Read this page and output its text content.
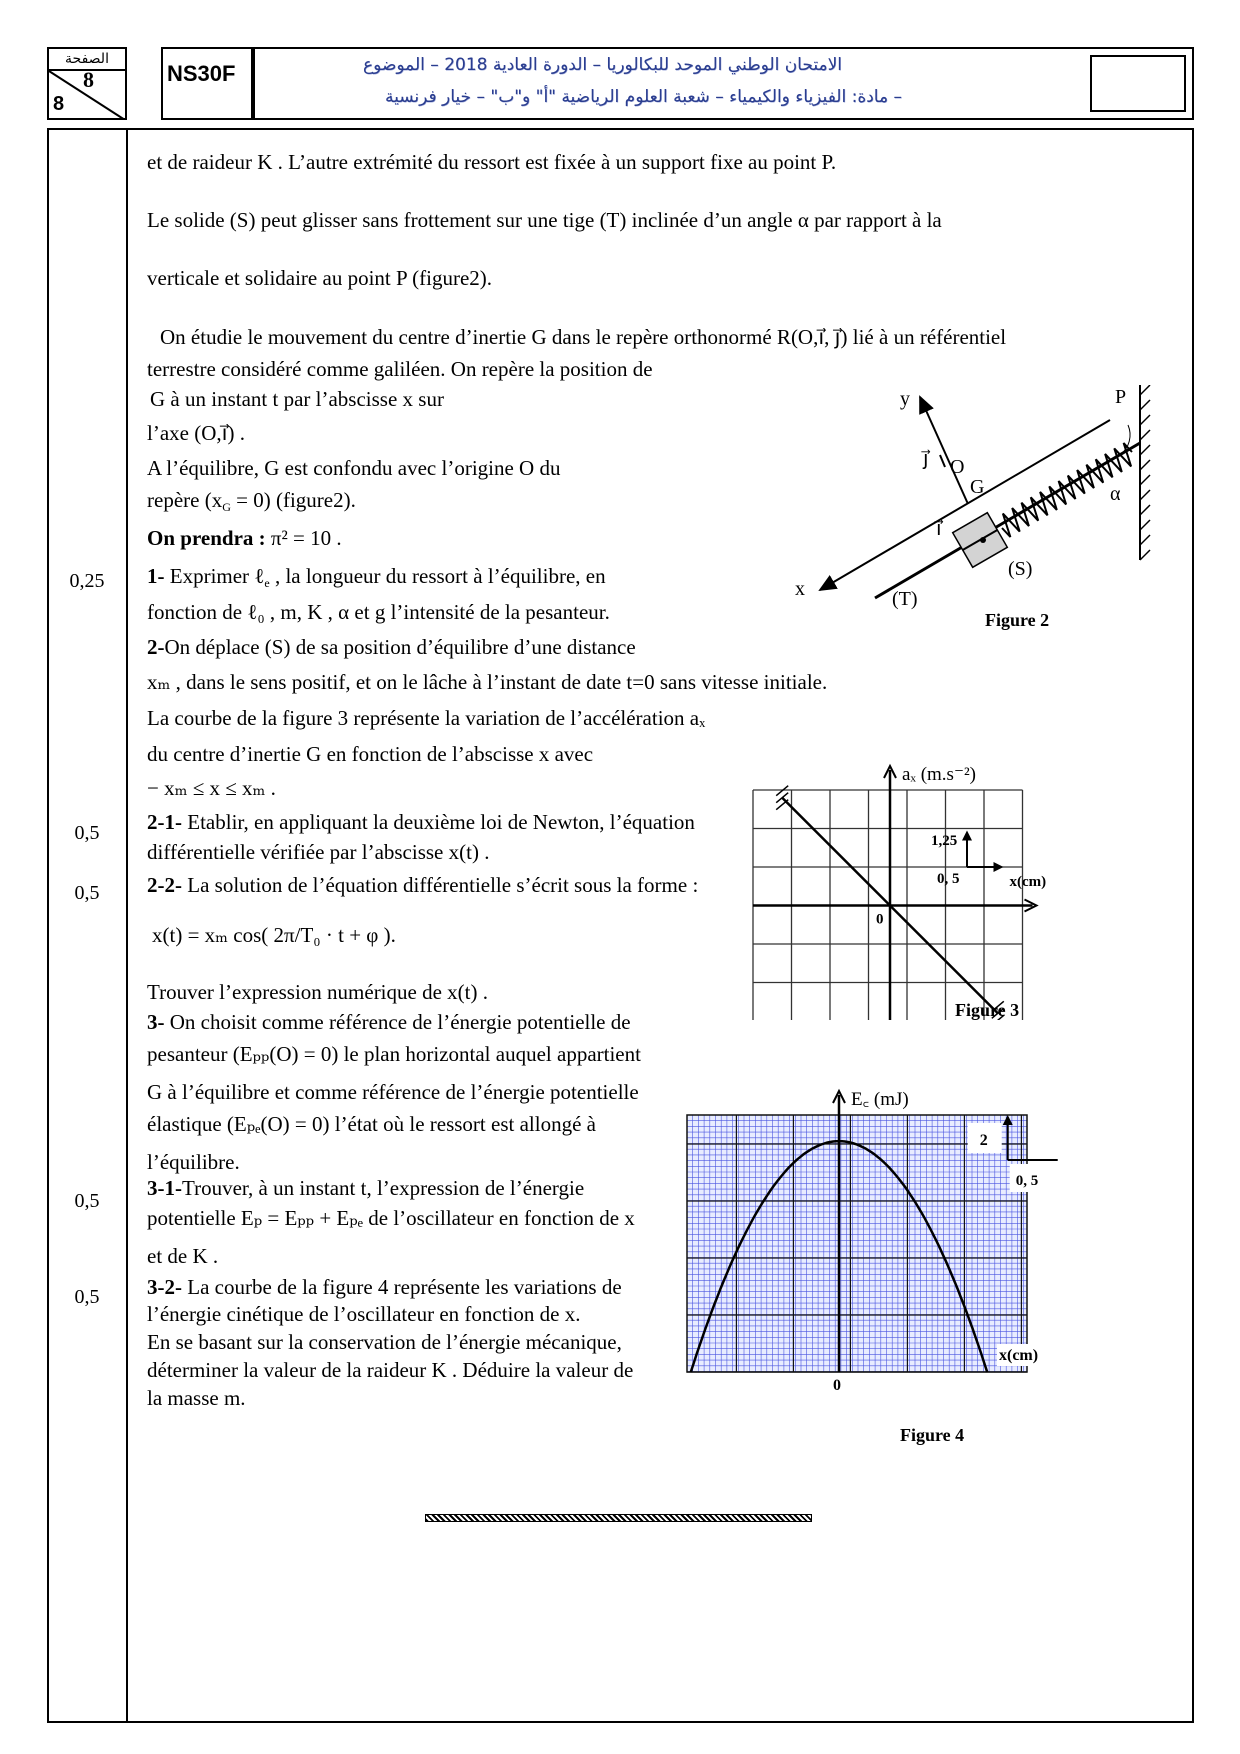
الصفحة
8
8
NS30F	الامتحان الوطني الموحد للبكالوريا – الدورة العادية 2018 – الموضوع
– مادة: الفيزياء والكيمياء – شعبة العلوم الرياضية "أ" و"ب" – خيار فرنسية
0,25
0,5
0,5
0,5
0,5
et de raideur K . L’autre extrémité du ressort est fixée à un support fixe au point P.
Le solide (S) peut glisser sans frottement sur une tige (T) inclinée d’un angle α par rapport à la
verticale et solidaire au point P (figure2).
On étudie le mouvement du centre d’inertie G dans le repère orthonormé R(O,i⃗, j⃗) lié à un référentiel
terrestre considéré comme galiléen. On repère la position de
G à un instant t par l’abscisse x sur
l’axe (O,i⃗) .
A l’équilibre, G est confondu avec l’origine O du
repère $(x_G = 0)$ (figure2).
On prendra : π² = 10 .
1- Exprimer ℓ$_e$ , la longueur du ressort à l’équilibre, en
fonction de ℓ₀ , m, K , α et g l’intensité de la pesanteur.
2-On déplace (S) de sa position d’équilibre d’une distance
xₘ , dans le sens positif, et on le lâche à l’instant de date t=0 sans vitesse initiale.
La courbe de la figure 3 représente la variation de l’accélération aₓ
du centre d’inertie G en fonction de l’abscisse x avec
− xₘ ≤ x ≤ xₘ .
2-1- Etablir, en appliquant la deuxième loi de Newton, l’équation
différentielle vérifiée par l’abscisse x(t) .
2-2- La solution de l’équation différentielle s’écrit sous la forme :
x(t) = xₘ cos( 2π/T₀ · t + φ ).
Trouver l’expression numérique de x(t) .
3- On choisit comme référence de l’énergie potentielle de
pesanteur (Eₚₚ(O) = 0) le plan horizontal auquel appartient
G à l’équilibre et comme référence de l’énergie potentielle
élastique (Eₚₑ(O) = 0) l’état où le ressort est allongé à
l’équilibre.
3-1-Trouver, à un instant t, l’expression de l’énergie
potentielle Eₚ = Eₚₚ + Eₚₑ de l’oscillateur en fonction de x
et de K .
3-2- La courbe de la figure 4 représente les variations de
l’énergie cinétique de l’oscillateur en fonction de x.
En se basant sur la conservation de l’énergie mécanique,
déterminer la valeur de la raideur K . Déduire la valeur de
la masse m.
y
x
j⃗ O
G
i⃗
(S)
(T)
P
α
Figure 2
1,25
0, 5	x(cm)
0
aₓ (m.s⁻²)
Figure 3
2
0, 5
x(cm)
0
E꜀ (mJ)
Figure 4
